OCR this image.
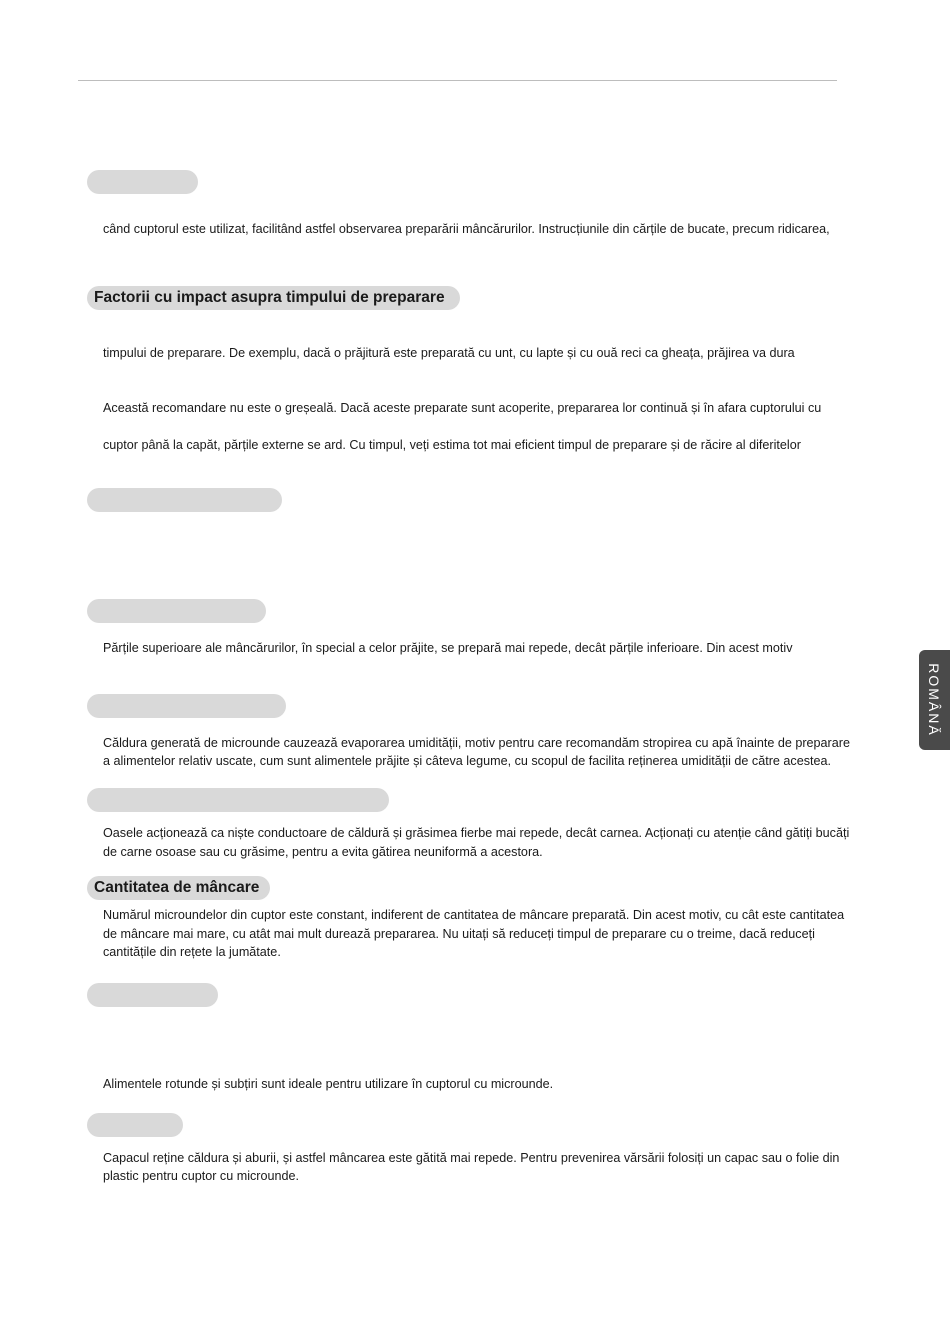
când cuptorul este utilizat, facilitând astfel observarea preparării mâncărurilor. Instrucțiunile din cărțile de bucate, precum ridicarea,
Factorii cu impact asupra timpului de preparare
timpului de preparare. De exemplu, dacă o prăjitură este preparată cu unt, cu lapte și cu ouă reci ca gheața, prăjirea va dura
Această recomandare nu este o greșeală. Dacă aceste preparate sunt acoperite, prepararea lor continuă și în afara cuptorului cu
cuptor până la capăt, părțile externe se ard. Cu timpul, veți estima tot mai eficient timpul de preparare și de răcire al diferitelor
Părțile superioare ale mâncărurilor, în special a celor prăjite, se prepară mai repede, decât părțile inferioare. Din acest motiv
Căldura generată de microunde cauzează evaporarea umidității, motiv pentru care recomandăm stropirea cu apă înainte de preparare
a alimentelor relativ uscate, cum sunt alimentele prăjite și câteva legume, cu scopul de facilita reținerea umidității de către acestea.
Oasele acționează ca niște conductoare de căldură și grăsimea fierbe mai repede, decât carnea. Acționați cu atenție când gătiți bucăți
de carne osoase sau cu grăsime, pentru a evita gătirea neuniformă a acestora.
Cantitatea de mâncare
Numărul microundelor din cuptor este constant, indiferent de cantitatea de mâncare preparată. Din acest motiv, cu cât este cantitatea
de mâncare mai mare, cu atât mai mult durează prepararea. Nu uitați să reduceți timpul de preparare cu o treime, dacă reduceți
cantitățile din rețete la jumătate.
Alimentele rotunde și subțiri sunt ideale pentru utilizare în cuptorul cu microunde.
Capacul reține căldura și aburii, și astfel mâncarea este gătită mai repede. Pentru prevenirea vărsării folosiți un capac sau o folie din
plastic pentru cuptor cu microunde.
ROMÂNĂ
